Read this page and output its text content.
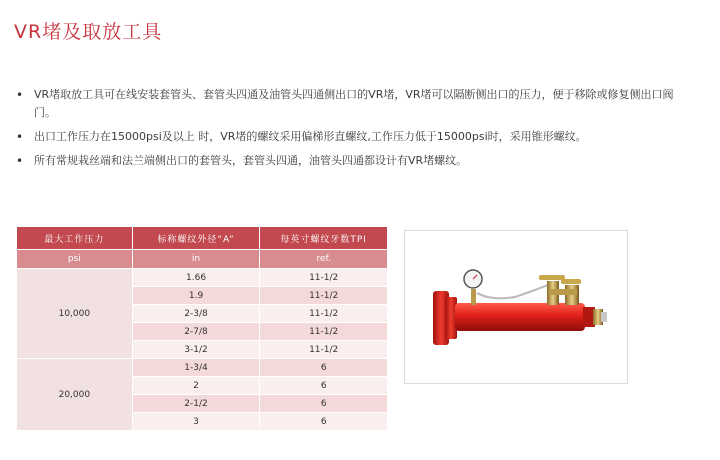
VR堵及取放工具
• VR堵取放工具可在线安装套管头、套管头四通及油管头四通侧出口的VR堵，VR堵可以隔断侧出口的压力，便于移除或修复侧出口阀门。
• 出口工作压力在15000psi及以上 时，VR堵的螺纹采用偏梯形直螺纹,工作压力低于15000psi时，采用锥形螺纹。
• 所有常规栽丝端和法兰端侧出口的套管头，套管头四通，油管头四通都设计有VR堵螺纹。
最大工作压力	标称螺纹外径“A”	每英寸螺纹牙数TPI
psi	in	ref.
10,000	1.66	11-1/2
	1.9	11-1/2
	2-3/8	11-1/2
	2-7/8	11-1/2
	3-1/2	11-1/2
20,000	1-3/4	6
	2	6
	2-1/2	6
	3	6
